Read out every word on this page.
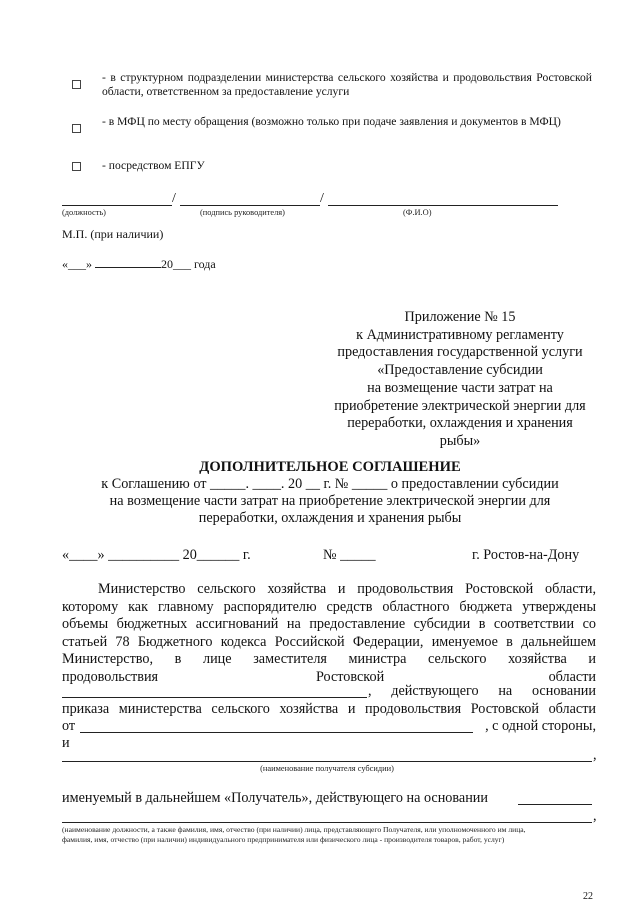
- в структурном подразделении министерства сельского хозяйства и продовольствия Ростовской области, ответственном за предоставление услуги
- в МФЦ по месту обращения (возможно только при подаче заявления и документов в МФЦ)
- посредством ЕПГУ
/	/
(должность)	(подпись руководителя)	(Ф.И.О)
М.П. (при наличии)
«___»	20___ года
Приложение № 15
к Административному регламенту
предоставления государственной услуги
«Предоставление субсидии
на возмещение части затрат на
приобретение электрической энергии для
переработки, охлаждения и хранения
рыбы»
ДОПОЛНИТЕЛЬНОЕ СОГЛАШЕНИЕ
к Соглашению от _____. ____. 20 __ г. № _____ о предоставлении субсидии
на возмещение части затрат на приобретение электрической энергии для
переработки, охлаждения и хранения рыбы
«____» __________ 20______ г.	№ _____	г. Ростов-на-Дону
Министерство сельского хозяйства и продовольствия Ростовской области,
которому как главному распорядителю средств областного бюджета утверждены
объемы бюджетных ассигнований на предоставление субсидии в соответствии со
статьей 78 Бюджетного кодекса Российской Федерации, именуемое в дальнейшем
Министерство, в лице заместителя министра сельского хозяйства и
продовольствия	Ростовской	области
, действующего на основании
приказа министерства сельского хозяйства и продовольствия Ростовской области
от	, с одной стороны,
и
,
(наименование получателя субсидии)
именуемый в дальнейшем «Получатель», действующего на основании
,
(наименование должности, а также фамилия, имя, отчество (при наличии) лица, представляющего Получателя, или уполномоченного им лица,
фамилия, имя, отчество (при наличии) индивидуального предпринимателя или физического лица - производителя товаров, работ, услуг)
22
